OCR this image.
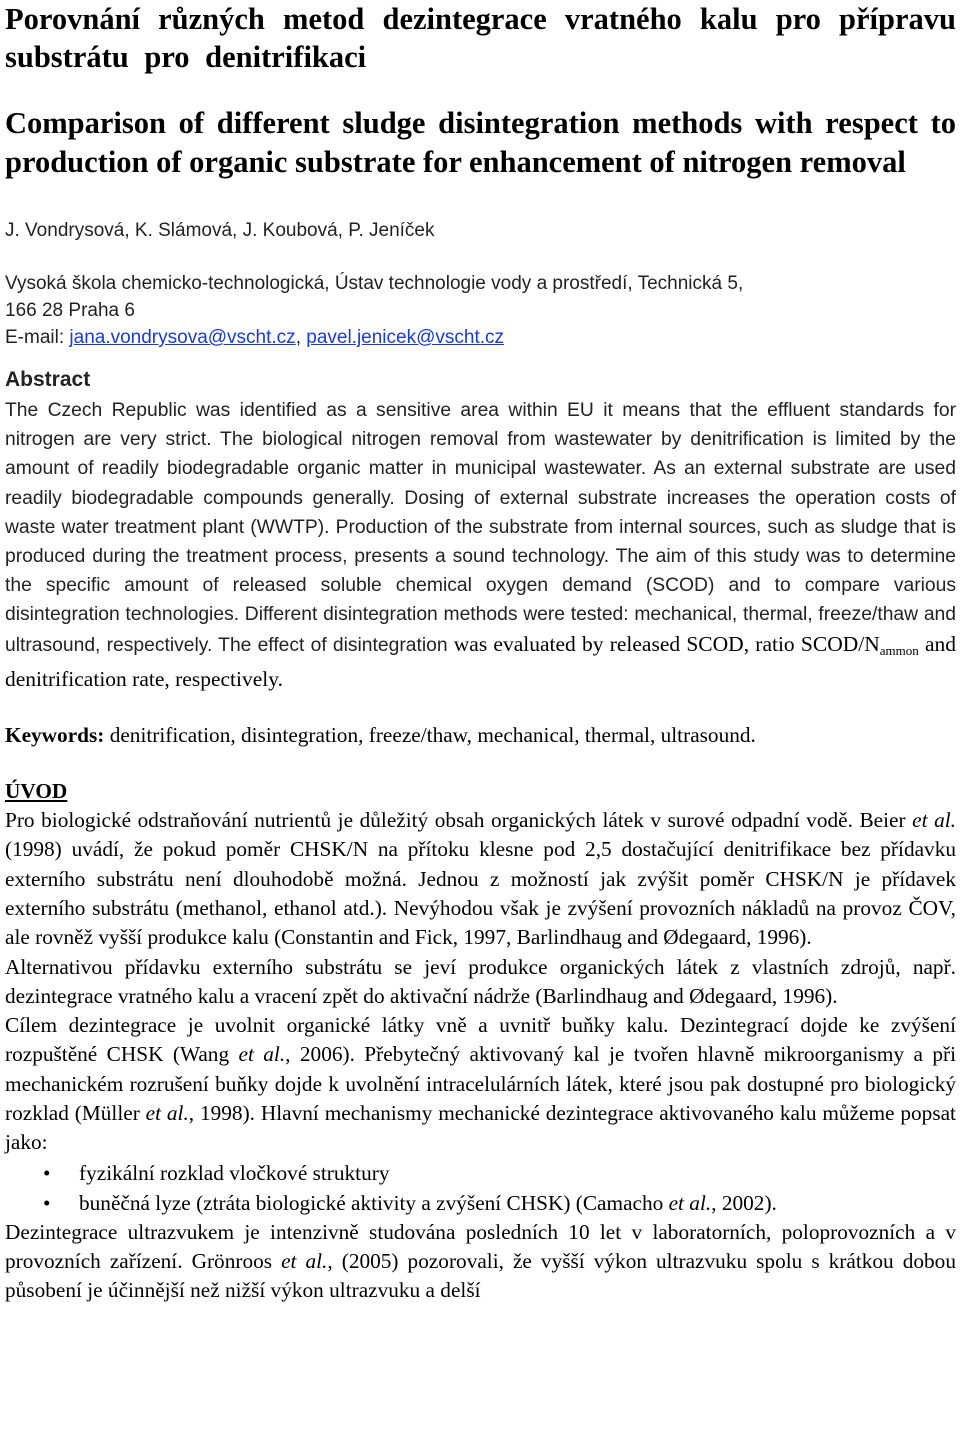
Porovnání různých metod dezintegrace vratného kalu pro přípravu substrátu pro denitrifikaci
Comparison of different sludge disintegration methods with respect to production of organic substrate for enhancement of nitrogen removal

J. Vondrysová, K. Slámová, J. Koubová, P. Jeníček

Vysoká škola chemicko-technologická, Ústav technologie vody a prostředí, Technická 5,
166 28 Praha 6

E-mail: jana.vondrysova@vscht.cz, pavel.jenicek@vscht.cz

Abstract

The Czech Republic was identified as a sensitive area within EU it means that the effluent standards for nitrogen are very strict. The biological nitrogen removal from wastewater by denitrification is limited by the amount of readily biodegradable organic matter in municipal wastewater. As an external substrate are used readily biodegradable compounds generally. Dosing of external substrate increases the operation costs of waste water treatment plant (WWTP). Production of the substrate from internal sources, such as sludge that is produced during the treatment process, presents a sound technology. The aim of this study was to determine the specific amount of released soluble chemical oxygen demand (SCOD) and to compare various disintegration technologies. Different disintegration methods were tested: mechanical, thermal, freeze/thaw and ultrasound, respectively. The effect of disintegration was evaluated by released SCOD, ratio SCOD/$N_{ammon}$ and denitrification rate, respectively.

Keywords: denitrification, disintegration, freeze/thaw, mechanical, thermal, ultrasound.

ÚVOD

Pro biologické odstraňování nutrientů je důležitý obsah organických látek v surové odpadní vodě. Beier et al. (1998) uvádí, že pokud poměr CHSK/N na přítoku klesne pod 2,5 dostačující denitrifikace bez přídavku externího substrátu není dlouhodobě možná. Jednou z možností jak zvýšit poměr CHSK/N je přídavek externího substrátu (methanol, ethanol atd.). Nevýhodou však je zvýšení provozních nákladů na provoz ČOV, ale rovněž vyšší produkce kalu (Constantin and Fick, 1997, Barlindhaug and Ødegaard, 1996).

Alternativou přídavku externího substrátu se jeví produkce organických látek z vlastních zdrojů, např. dezintegrace vratného kalu a vracení zpět do aktivační nádrže (Barlindhaug and Ødegaard, 1996).

Cílem dezintegrace je uvolnit organické látky vně a uvnitř buňky kalu. Dezintegrací dojde ke zvýšení rozpuštěné CHSK (Wang et al., 2006). Přebytečný aktivovaný kal je tvořen hlavně mikroorganismy a při mechanickém rozrušení buňky dojde k uvolnění intracelulárních látek, které jsou pak dostupné pro biologický rozklad (Müller et al., 1998). Hlavní mechanismy mechanické dezintegrace aktivovaného kalu můžeme popsat jako:

• fyzikální rozklad vločkové struktury
• buněčná lyze (ztráta biologické aktivity a zvýšení CHSK) (Camacho et al., 2002).

Dezintegrace ultrazvukem je intenzivně studována posledních 10 let v laboratorních, poloprovozních a v provozních zařízení. Grönroos et al., (2005) pozorovali, že vyšší výkon ultrazvuku spolu s krátkou dobou působení je účinnější než nižší výkon ultrazvuku a delší
